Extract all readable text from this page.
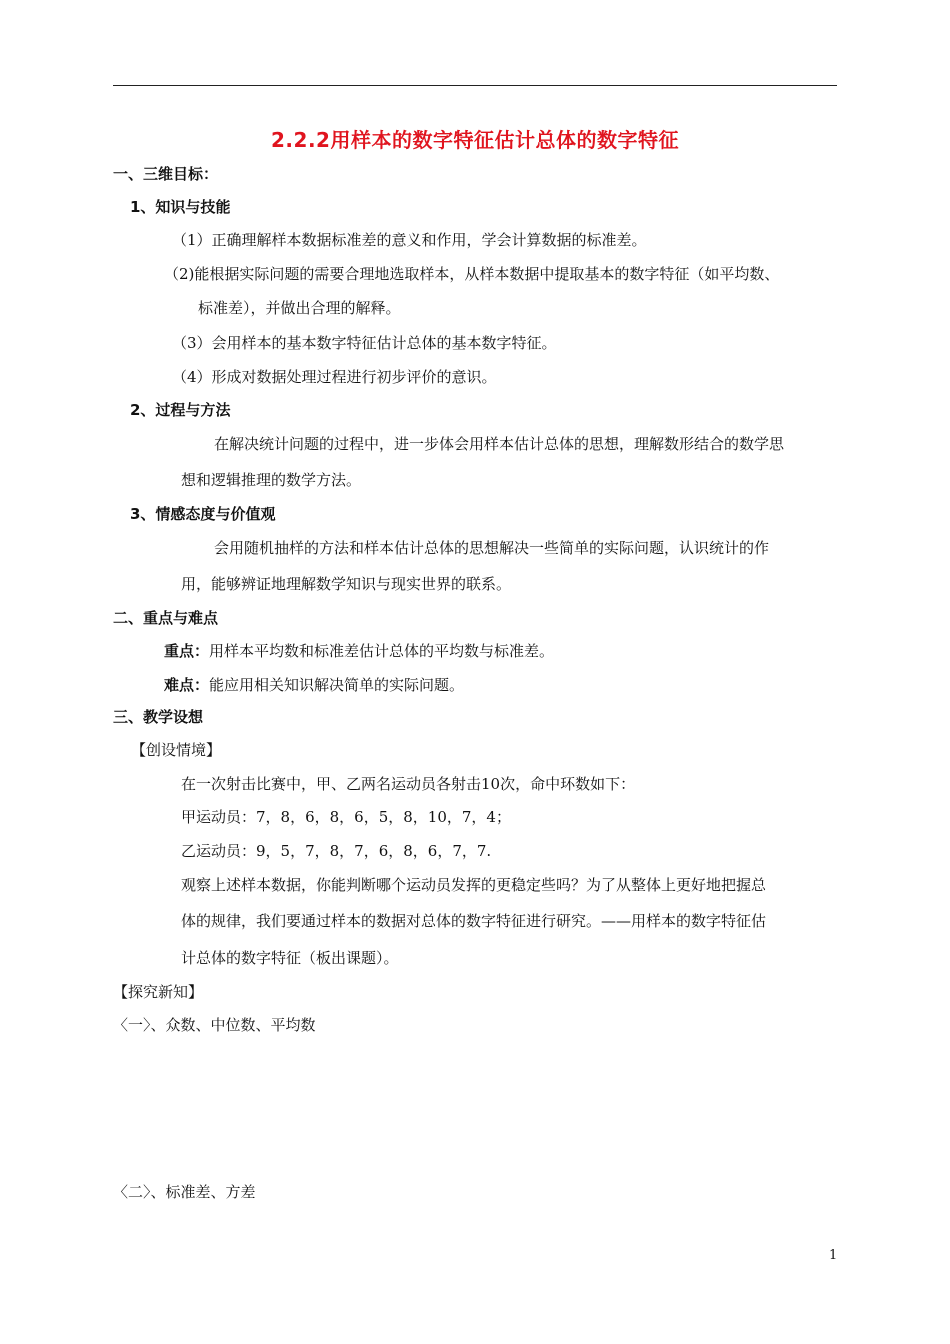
2.2.2用样本的数字特征估计总体的数字特征
一、三维目标：
1、知识与技能
（1）正确理解样本数据标准差的意义和作用，学会计算数据的标准差。
（2)能根据实际问题的需要合理地选取样本，从样本数据中提取基本的数字特征（如平均数、
标准差），并做出合理的解释。
（3）会用样本的基本数字特征估计总体的基本数字特征。
（4）形成对数据处理过程进行初步评价的意识。
2、过程与方法
在解决统计问题的过程中，进一步体会用样本估计总体的思想，理解数形结合的数学思
想和逻辑推理的数学方法。
3、情感态度与价值观
会用随机抽样的方法和样本估计总体的思想解决一些简单的实际问题，认识统计的作
用，能够辨证地理解数学知识与现实世界的联系。
二、重点与难点
重点：用样本平均数和标准差估计总体的平均数与标准差。
难点：能应用相关知识解决简单的实际问题。
三、教学设想
【创设情境】
在一次射击比赛中，甲、乙两名运动员各射击10次，命中环数如下：
甲运动员：7，8，6，8，6，5，8，10，7，4；
乙运动员：9，5，7，8，7，6，8，6，7，7.
观察上述样本数据，你能判断哪个运动员发挥的更稳定些吗？为了从整体上更好地把握总
体的规律，我们要通过样本的数据对总体的数字特征进行研究。——用样本的数字特征估
计总体的数字特征（板出课题）。
【探究新知】
〈一〉、众数、中位数、平均数
〈二〉、标准差、方差
1
